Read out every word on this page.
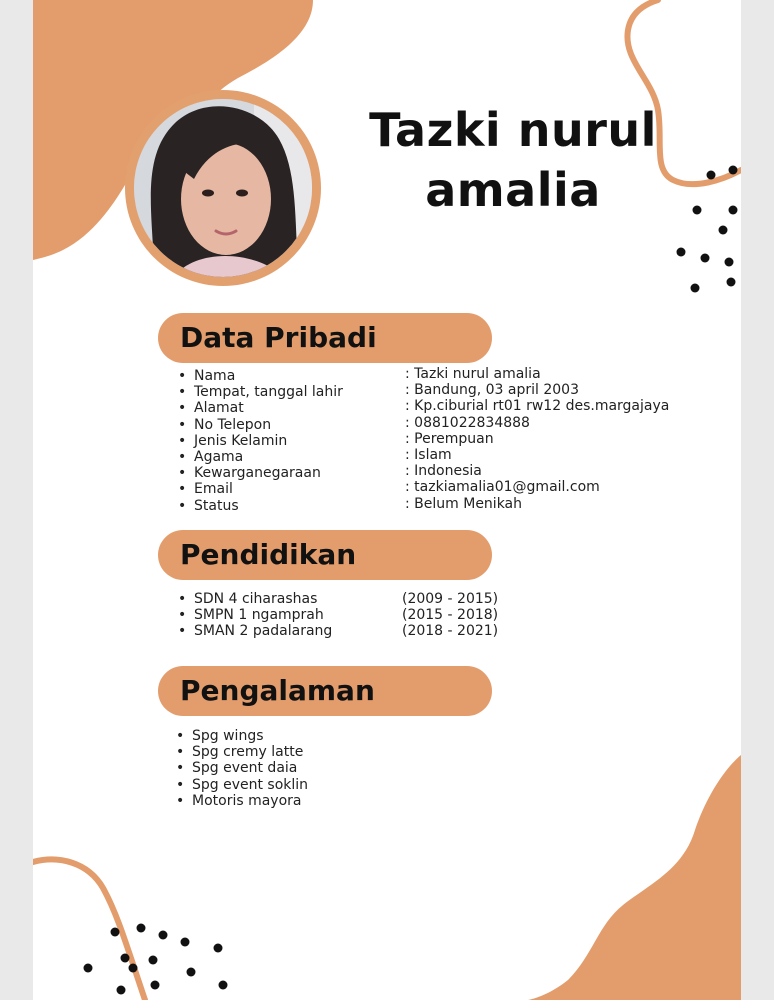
Tazki nurul
amalia
Data Pribadi
• Nama
• Tempat, tanggal lahir
• Alamat
• No Telepon
• Jenis Kelamin
• Agama
• Kewarganegaraan
• Email
• Status
: Tazki nurul amalia
: Bandung, 03 april 2003
: Kp.ciburial rt01 rw12 des.margajaya
: 0881022834888
: Perempuan
: Islam
: Indonesia
: tazkiamalia01@gmail.com
: Belum Menikah
Pendidikan
• SDN 4 ciharashas
• SMPN 1 ngamprah
• SMAN 2 padalarang
(2009 - 2015)
(2015 - 2018)
(2018 - 2021)
Pengalaman
• Spg wings
• Spg cremy latte
• Spg event daia
• Spg event soklin
• Motoris mayora
